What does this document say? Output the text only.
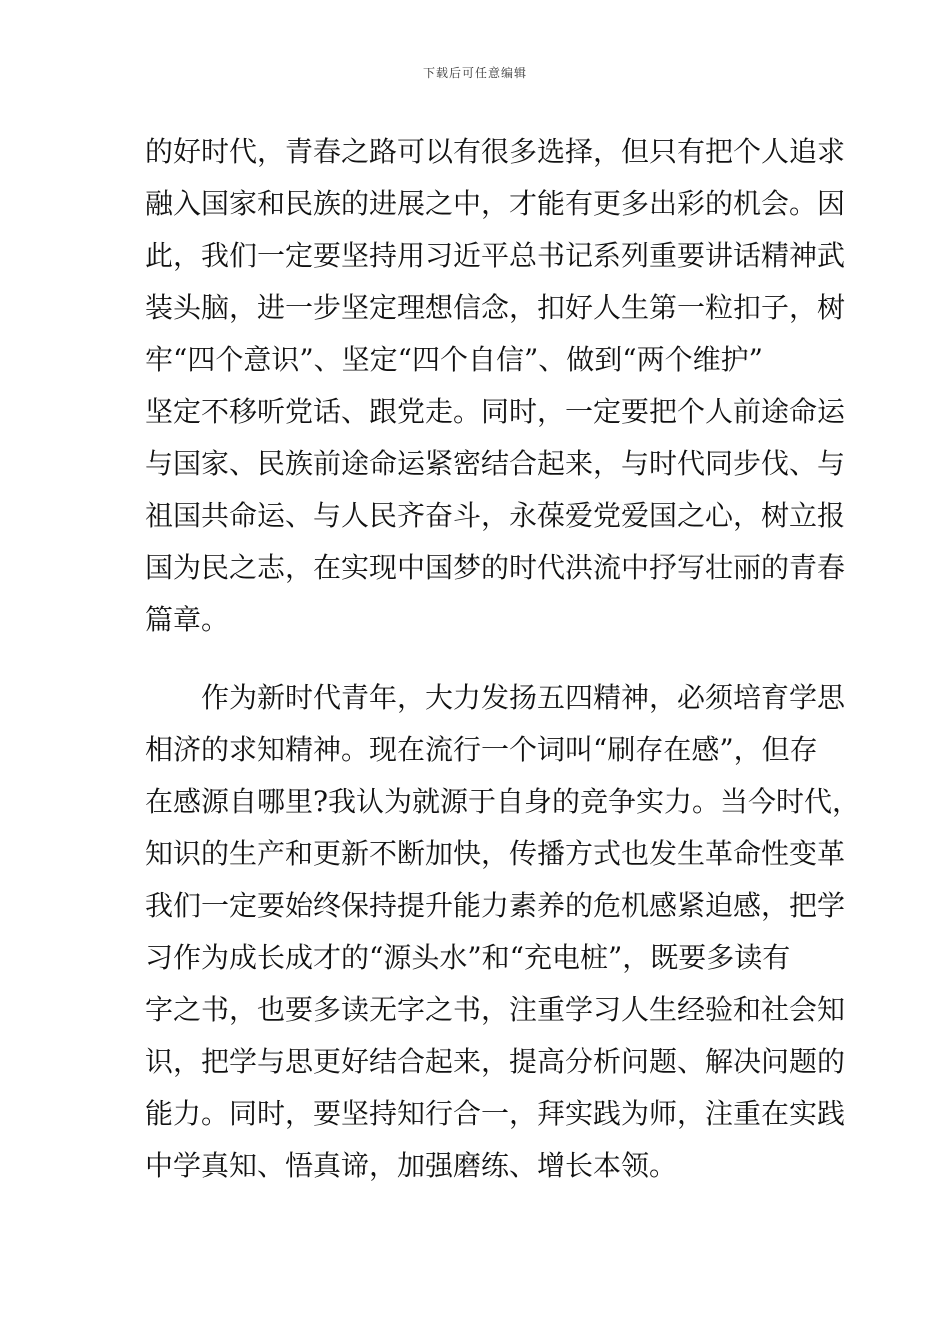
下载后可任意编辑
的好时代，青春之路可以有很多选择，但只有把个人追求
融入国家和民族的进展之中，才能有更多出彩的机会。因
此，我们一定要坚持用习近平总书记系列重要讲话精神武
装头脑，进一步坚定理想信念，扣好人生第一粒扣子，树
牢“四个意识”、坚定“四个自信”、做到“两个维护”
坚定不移听党话、跟党走。同时，一定要把个人前途命运
与国家、民族前途命运紧密结合起来，与时代同步伐、与
祖国共命运、与人民齐奋斗，永葆爱党爱国之心，树立报
国为民之志，在实现中国梦的时代洪流中抒写壮丽的青春
篇章。
作为新时代青年，大力发扬五四精神，必须培育学思
相济的求知精神。现在流行一个词叫“刷存在感”，但存
在感源自哪里?我认为就源于自身的竞争实力。当今时代，
知识的生产和更新不断加快，传播方式也发生革命性变革
我们一定要始终保持提升能力素养的危机感紧迫感，把学
习作为成长成才的“源头水”和“充电桩”，既要多读有
字之书，也要多读无字之书，注重学习人生经验和社会知
识，把学与思更好结合起来，提高分析问题、解决问题的
能力。同时，要坚持知行合一，拜实践为师，注重在实践
中学真知、悟真谛，加强磨练、增长本领。
